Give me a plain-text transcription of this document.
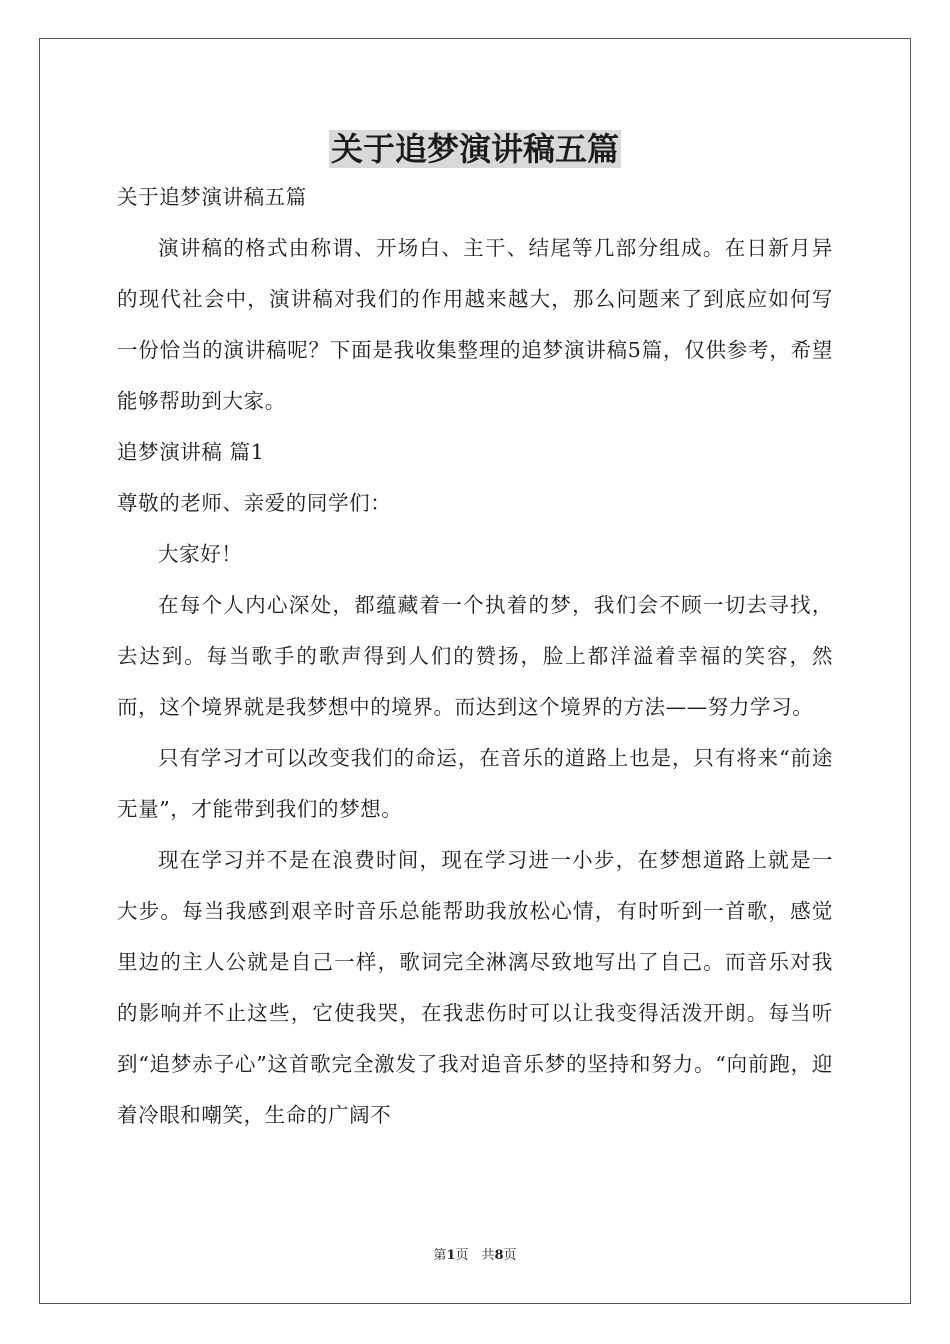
关于追梦演讲稿五篇

关于追梦演讲稿五篇

演讲稿的格式由称谓、开场白、主干、结尾等几部分组成。在日新月异的现代社会中，演讲稿对我们的作用越来越大，那么问题来了到底应如何写一份恰当的演讲稿呢？下面是我收集整理的追梦演讲稿5篇，仅供参考，希望能够帮助到大家。

追梦演讲稿 篇1

尊敬的老师、亲爱的同学们：

大家好！

在每个人内心深处，都蕴藏着一个执着的梦，我们会不顾一切去寻找，去达到。每当歌手的歌声得到人们的赞扬，脸上都洋溢着幸福的笑容，然而，这个境界就是我梦想中的境界。而达到这个境界的方法——努力学习。

只有学习才可以改变我们的命运，在音乐的道路上也是，只有将来“前途无量”，才能带到我们的梦想。

现在学习并不是在浪费时间，现在学习进一小步，在梦想道路上就是一大步。每当我感到艰辛时音乐总能帮助我放松心情，有时听到一首歌，感觉里边的主人公就是自己一样，歌词完全淋漓尽致地写出了自己。而音乐对我的影响并不止这些，它使我哭，在我悲伤时可以让我变得活泼开朗。每当听到“追梦赤子心”这首歌完全激发了我对追音乐梦的坚持和努力。“向前跑，迎着冷眼和嘲笑，生命的广阔不

第1页　共8页
